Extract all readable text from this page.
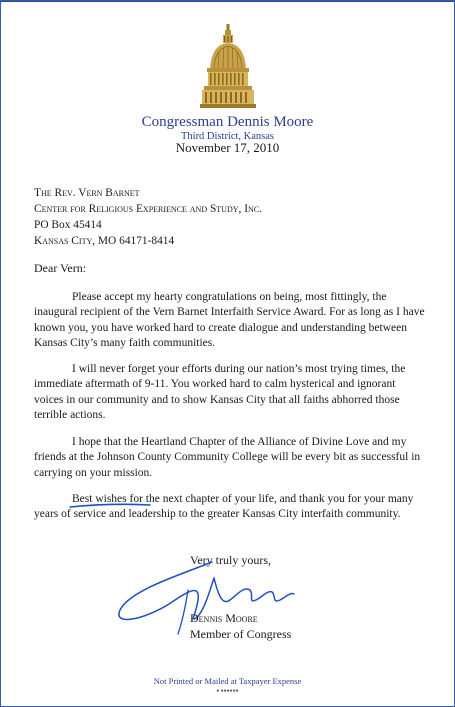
Congressman Dennis Moore
Third District, Kansas
November 17, 2010
The Rev. Vern Barnet
Center for Religious Experience and Study, Inc.
PO Box 45414
Kansas City, MO 64171-8414
Dear Vern:

Please accept my hearty congratulations on being, most fittingly, the inaugural recipient of the Vern Barnet Interfaith Service Award. For as long as I have known you, you have worked hard to create dialogue and understanding between Kansas City’s many faith communities.

I will never forget your efforts during our nation’s most trying times, the immediate aftermath of 9-11. You worked hard to calm hysterical and ignorant voices in our community and to show Kansas City that all faiths abhorred those terrible actions.

I hope that the Heartland Chapter of the Alliance of Divine Love and my friends at the Johnson County Community College will be every bit as successful in carrying on your mission.

Best wishes for the next chapter of your life, and thank you for your many years of service and leadership to the greater Kansas City interfaith community.

Very truly yours,
Dennis Moore
Member of Congress
Not Printed or Mailed at Taxpayer Expense
● ●●●●●●
